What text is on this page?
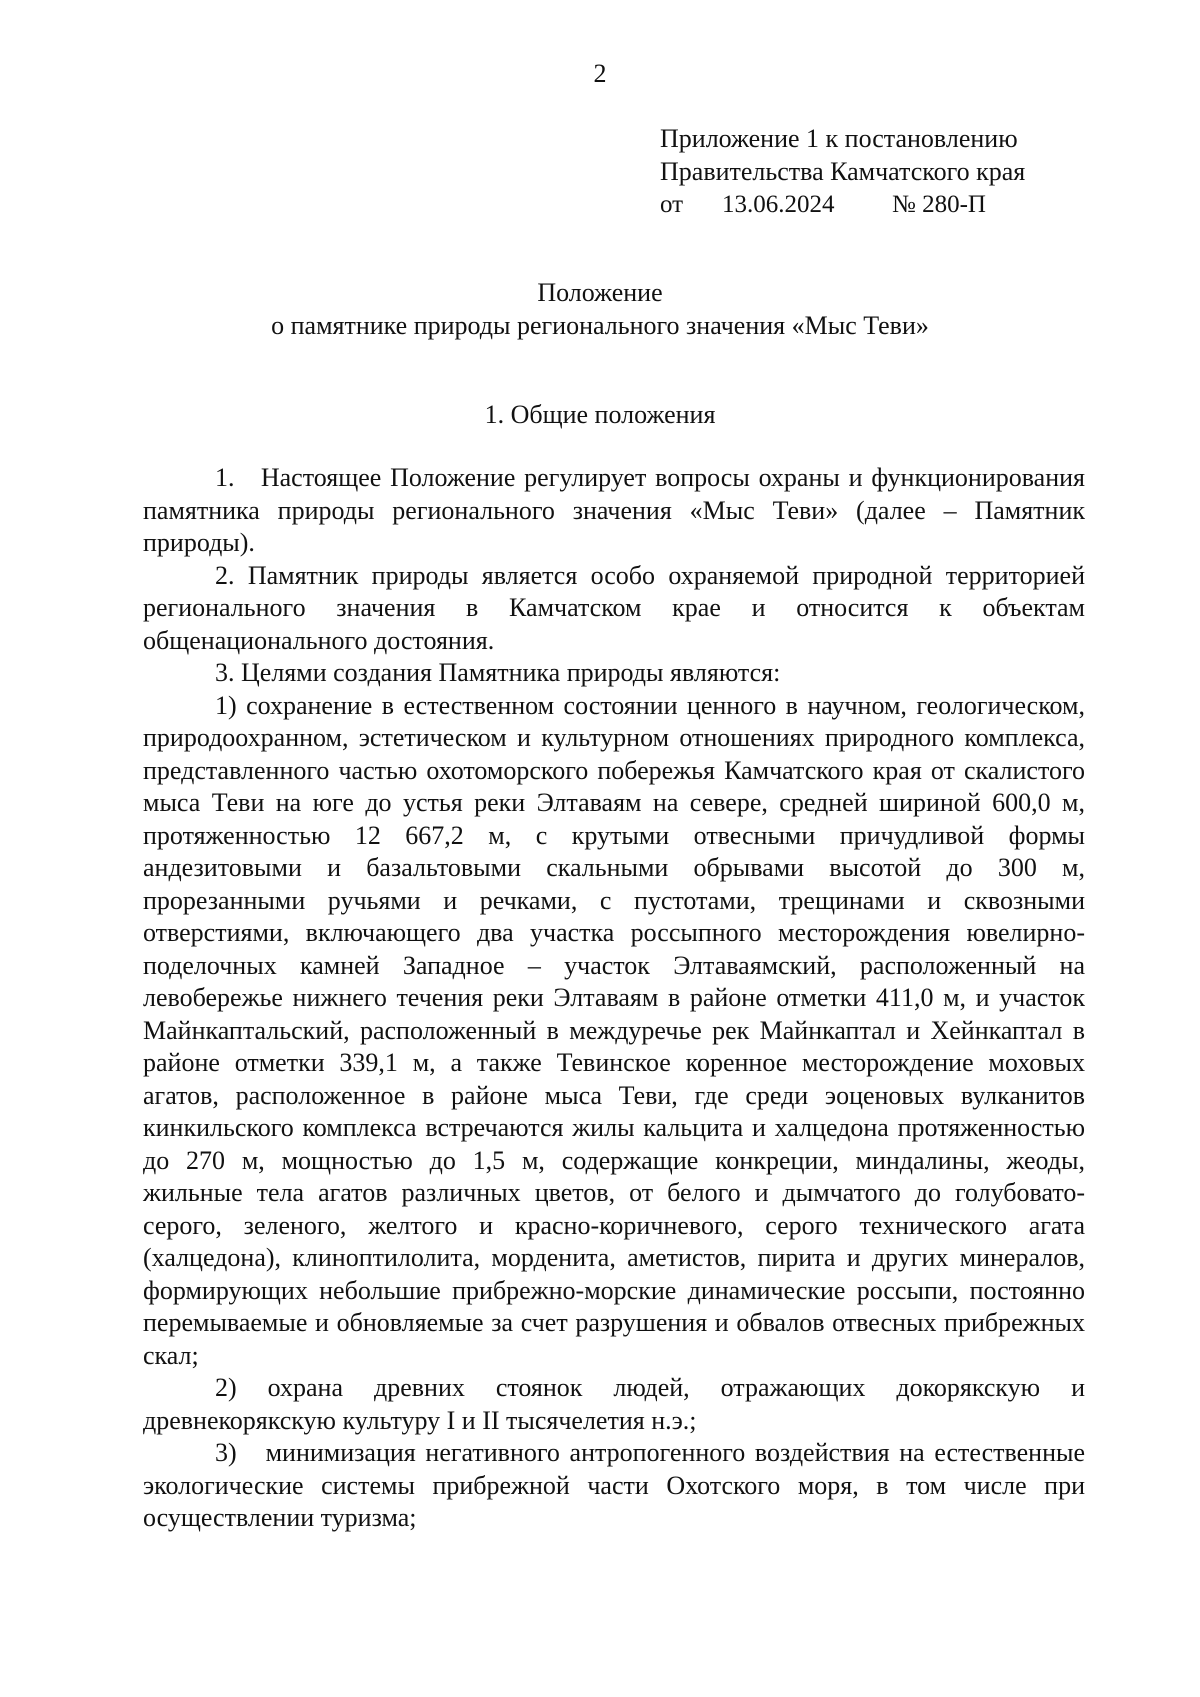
2
Приложение 1 к постановлению
Правительства Камчатского края
от 13.06.2024 № 280-П
Положение
о памятнике природы регионального значения «Мыс Теви»
1. Общие положения

1.   Настоящее Положение регулирует вопросы охраны и функционирования памятника природы регионального значения «Мыс Теви» (далее – Памятник природы).

2. Памятник природы является особо охраняемой природной территорией регионального значения в Камчатском крае и относится к объектам общенационального достояния.

3. Целями создания Памятника природы являются:

1) сохранение в естественном состоянии ценного в научном, геологическом, природоохранном, эстетическом и культурном отношениях природного комплекса, представленного частью охотоморского побережья Камчатского края от скалистого мыса Теви на юге до устья реки Элтаваям на севере, средней шириной 600,0 м, протяженностью 12 667,2 м, с крутыми отвесными причудливой формы андезитовыми и базальтовыми скальными обрывами высотой до 300 м, прорезанными ручьями и речками, с пустотами, трещинами и сквозными отверстиями, включающего два участка россыпного месторождения ювелирно-поделочных камней Западное – участок Элтаваямский, расположенный на левобережье нижнего течения реки Элтаваям в районе отметки 411,0 м, и участок Майнкаптальский, расположенный в междуречье рек Майнкаптал и Хейнкаптал в районе отметки 339,1 м, а также Тевинское коренное месторождение моховых агатов, расположенное в районе мыса Теви, где среди эоценовых вулканитов кинкильского комплекса встречаются жилы кальцита и халцедона протяженностью до 270 м, мощностью до 1,5 м, содержащие конкреции, миндалины, жеоды, жильные тела агатов различных цветов, от белого и дымчатого до голубовато-серого, зеленого, желтого и красно-коричневого, серого технического агата (халцедона), клиноптилолита, морденита, аметистов, пирита и других минералов, формирующих небольшие прибрежно-морские динамические россыпи, постоянно перемываемые и обновляемые за счет разрушения и обвалов отвесных прибрежных скал;

2) охрана древних стоянок людей, отражающих докорякскую и древнекорякскую культуру I и II тысячелетия н.э.;

3)   минимизация негативного антропогенного воздействия на естественные экологические системы прибрежной части Охотского моря, в том числе при осуществлении туризма;
